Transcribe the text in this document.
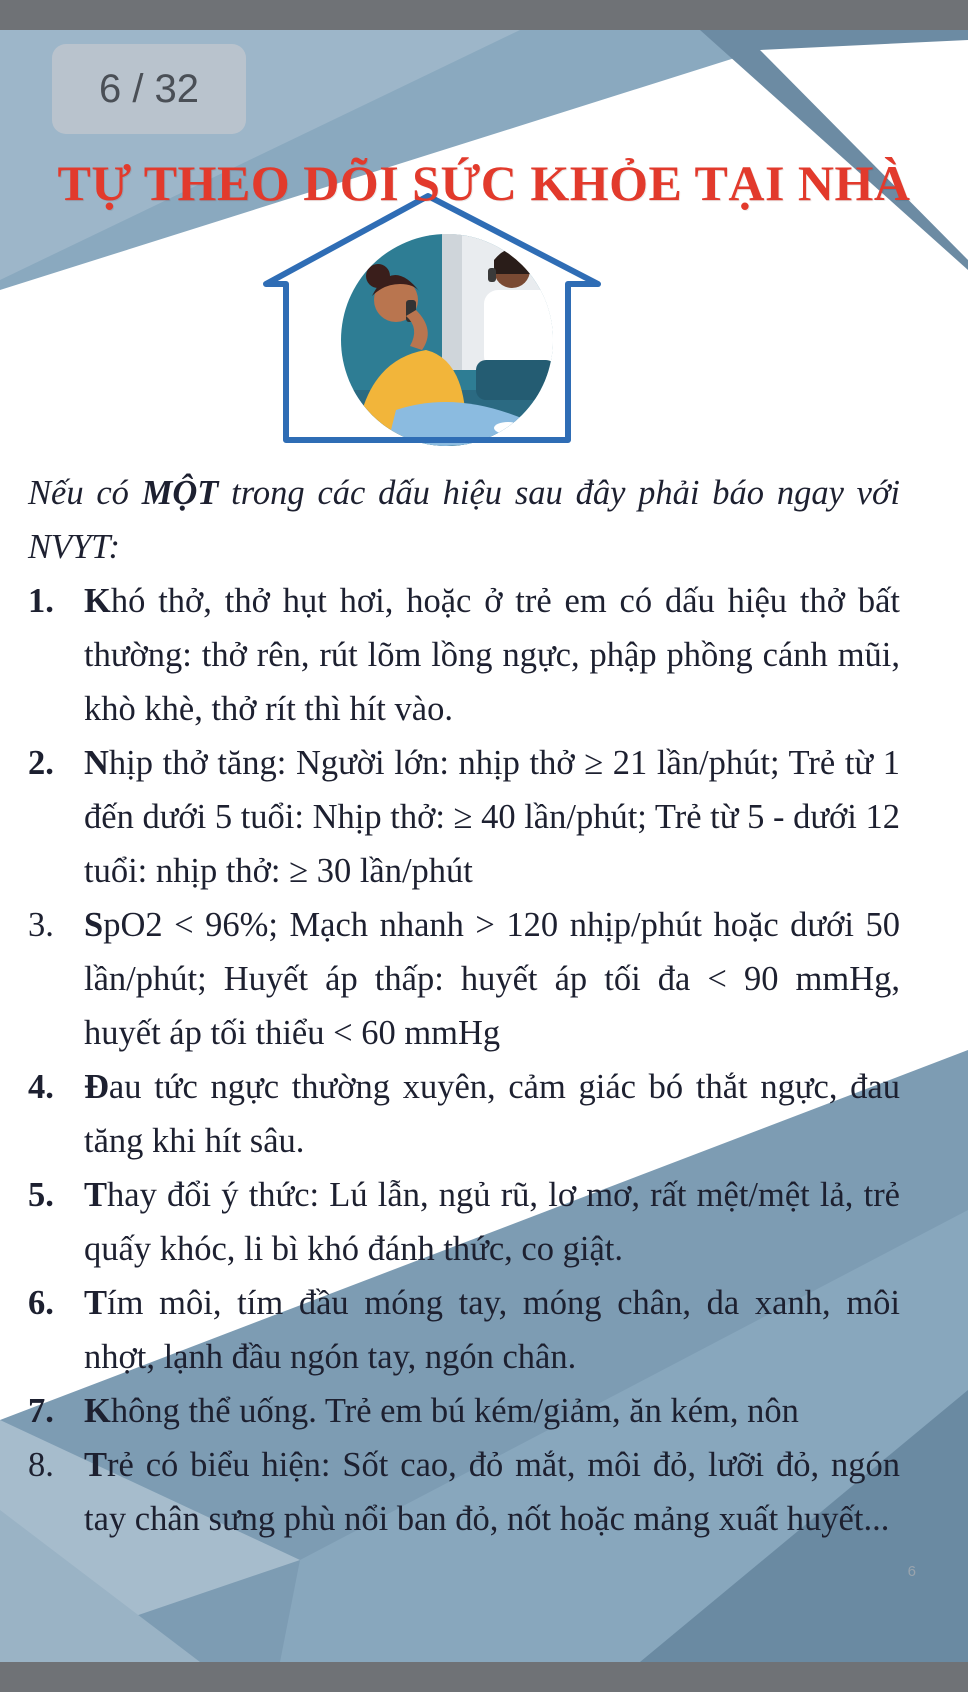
6 / 32
TỰ THEO DÕI SỨC KHỎE TẠI NHÀ

Nếu có MỘT trong các dấu hiệu sau đây phải báo ngay với NVYT:

1. Khó thở, thở hụt hơi, hoặc ở trẻ em có dấu hiệu thở bất thường: thở rên, rút lõm lồng ngực, phập phồng cánh mũi, khò khè, thở rít thì hít vào.
2. Nhịp thở tăng: Người lớn: nhịp thở ≥ 21 lần/phút; Trẻ từ 1 đến dưới 5 tuổi: Nhịp thở: ≥ 40 lần/phút; Trẻ từ 5 - dưới 12 tuổi: nhịp thở: ≥ 30 lần/phút
3. SpO2 < 96%; Mạch nhanh > 120 nhịp/phút hoặc dưới 50 lần/phút; Huyết áp thấp: huyết áp tối đa < 90 mmHg, huyết áp tối thiểu < 60 mmHg
4. Đau tức ngực thường xuyên, cảm giác bó thắt ngực, đau tăng khi hít sâu.
5. Thay đổi ý thức: Lú lẫn, ngủ rũ, lơ mơ, rất mệt/mệt lả, trẻ quấy khóc, li bì khó đánh thức, co giật.
6. Tím môi, tím đầu móng tay, móng chân, da xanh, môi nhợt, lạnh đầu ngón tay, ngón chân.
7. Không thể uống. Trẻ em bú kém/giảm, ăn kém, nôn
8. Trẻ có biểu hiện: Sốt cao, đỏ mắt, môi đỏ, lưỡi đỏ, ngón tay chân sưng phù nổi ban đỏ, nốt hoặc mảng xuất huyết...
6
